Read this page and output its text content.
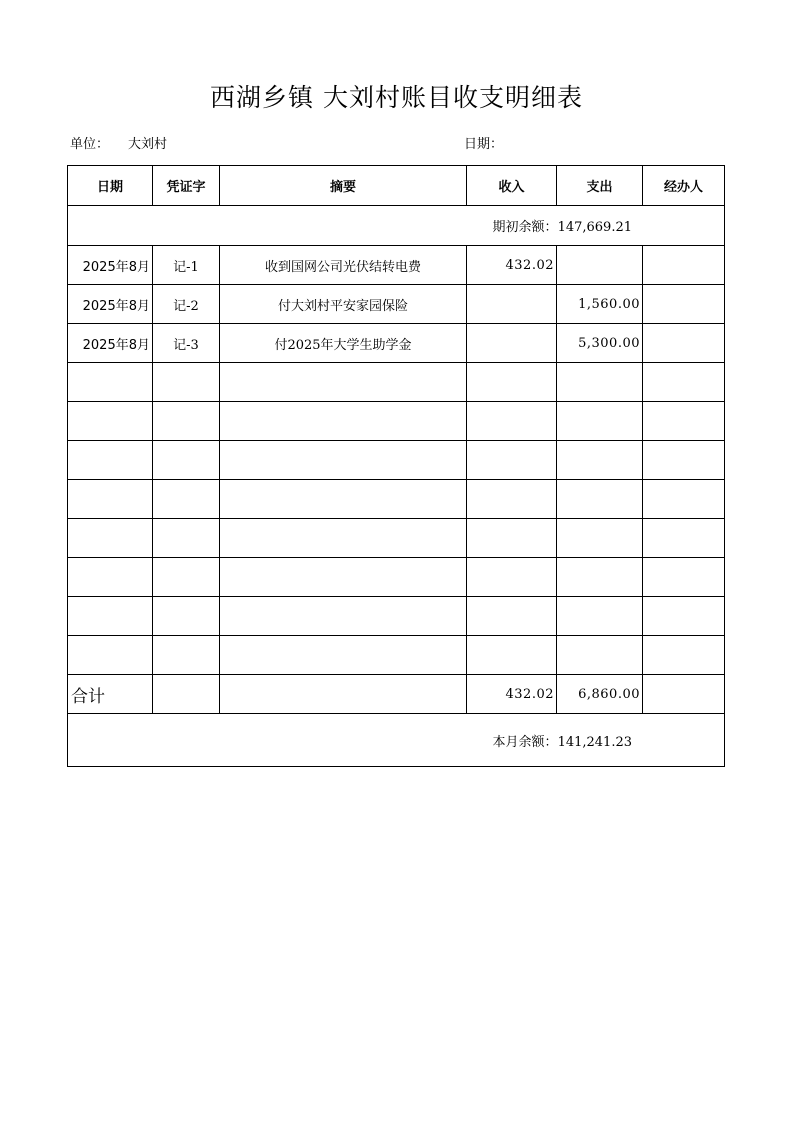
西湖乡镇 大刘村账目收支明细表
单位： 大刘村	日期：
日期	凭证字	摘要	收入	支出	经办人
期初余额：147,669.21					
2025年8月	记-1	收到国网公司光伏结转电费	432.02		
2025年8月	记-2	付大刘村平安家园保险		1,560.00	
2025年8月	记-3	付2025年大学生助学金		5,300.00	

合计			432.02	6,860.00	
本月余额：141,241.23					
